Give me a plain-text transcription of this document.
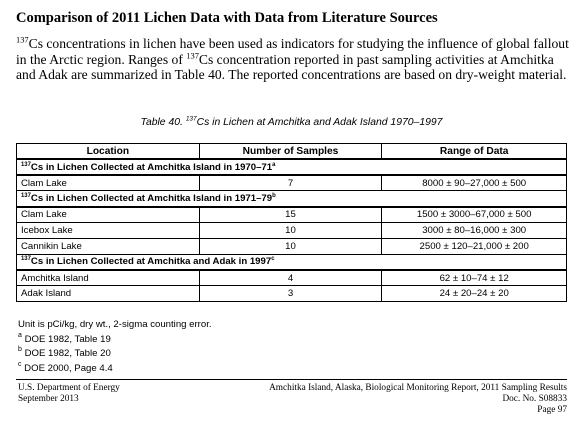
Comparison of 2011 Lichen Data with Data from Literature Sources

$^{137}$Cs concentrations in lichen have been used as indicators for studying the influence of global fallout in the Arctic region. Ranges of $^{137}$Cs concentration reported in past sampling activities at Amchitka and Adak are summarized in Table 40. The reported concentrations are based on dry-weight material.

Table 40. $^{137}$Cs in Lichen at Amchitka and Adak Island 1970–1997
Location	Number of Samples	Range of Data
$^{137}$Cs in Lichen Collected at Amchitka Island in 1970–71$^a$
Clam Lake	7	8000 ± 90–27,000 ± 500
$^{137}$Cs in Lichen Collected at Amchitka Island in 1971–79$^b$
Clam Lake	15	1500 ± 3000–67,000 ± 500
Icebox Lake	10	3000 ± 80–16,000 ± 300
Cannikin Lake	10	2500 ± 120–21,000 ± 200
$^{137}$Cs in Lichen Collected at Amchitka and Adak in 1997$^c$
Amchitka Island	4	62 ± 10–74 ± 12
Adak Island	3	24 ± 20–24 ± 20
Unit is pCi/kg, dry wt., 2-sigma counting error.
$^a$ DOE 1982, Table 19
$^b$ DOE 1982, Table 20
$^c$ DOE 2000, Page 4.4
U.S. Department of Energy
September 2013
Amchitka Island, Alaska, Biological Monitoring Report, 2011 Sampling Results
Doc. No. S08833
Page 97
